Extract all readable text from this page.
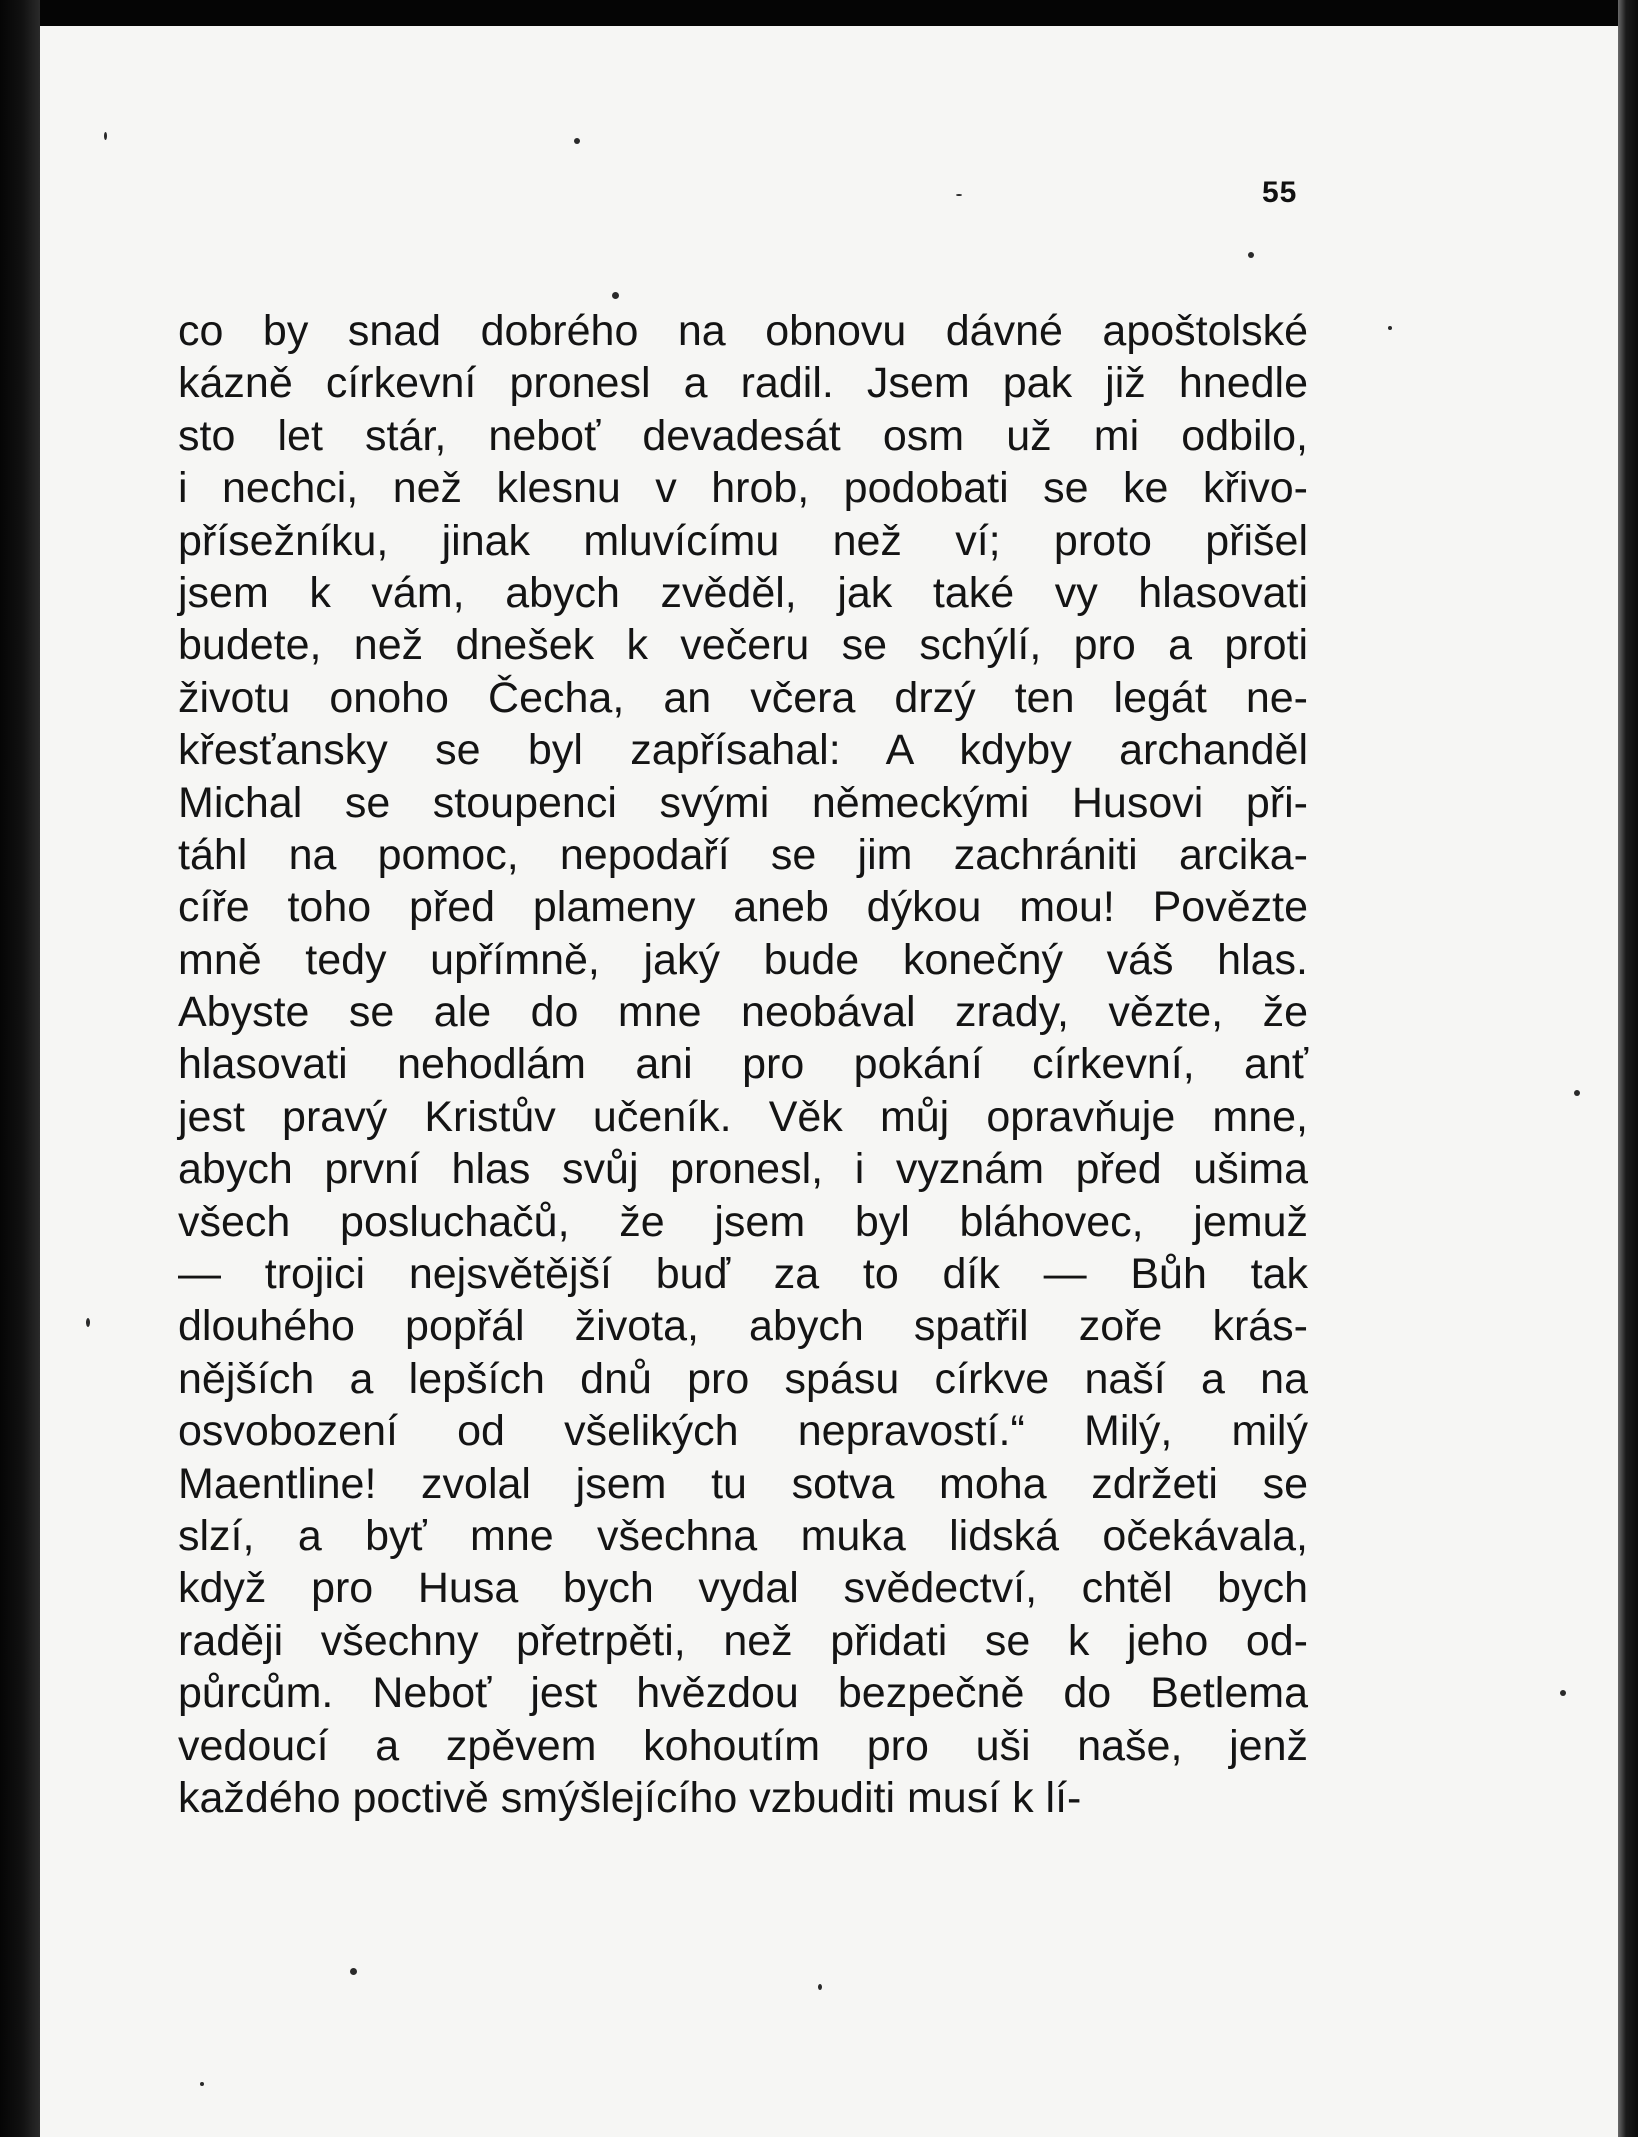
55
co by snad dobrého na obnovu dávné apoštolské
kázně církevní pronesl a radil. Jsem pak již hnedle
sto let stár, neboť devadesát osm už mi odbilo,
i nechci, než klesnu v hrob, podobati se ke křivo-
přísežníku, jinak mluvícímu než ví; proto přišel
jsem k vám, abych zvěděl, jak také vy hlasovati
budete, než dnešek k večeru se schýlí, pro a proti
životu onoho Čecha, an včera drzý ten legát ne-
křesťansky se byl zapřísahal: A kdyby archanděl
Michal se stoupenci svými německými Husovi při-
táhl na pomoc, nepodaří se jim zachrániti arcika-
cíře toho před plameny aneb dýkou mou! Povězte
mně tedy upřímně, jaký bude konečný váš hlas.
Abyste se ale do mne neobával zrady, vězte, že
hlasovati nehodlám ani pro pokání církevní, anť
jest pravý Kristův učeník. Věk můj opravňuje mne,
abych první hlas svůj pronesl, i vyznám před ušima
všech posluchačů, že jsem byl bláhovec, jemuž
— trojici nejsvětější buď za to dík — Bůh tak
dlouhého popřál života, abych spatřil zoře krás-
nějších a lepších dnů pro spásu církve naší a na
osvobození od všelikých nepravostí.“ Milý, milý
Maentline! zvolal jsem tu sotva moha zdržeti se
slzí, a byť mne všechna muka lidská očekávala,
když pro Husa bych vydal svědectví, chtěl bych
raději všechny přetrpěti, než přidati se k jeho od-
půrcům. Neboť jest hvězdou bezpečně do Betlema
vedoucí a zpěvem kohoutím pro uši naše, jenž
každého poctivě smýšlejícího vzbuditi musí k lí-
